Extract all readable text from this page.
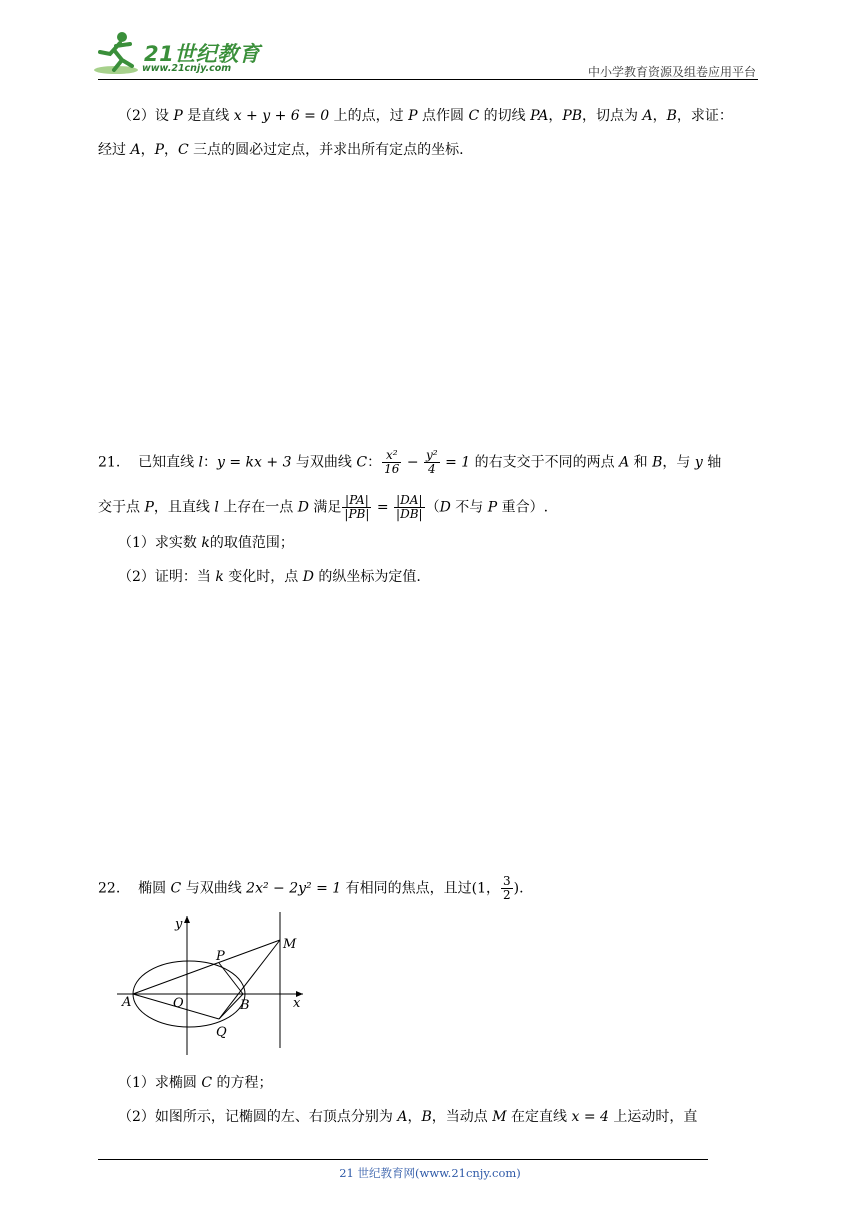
21世纪教育
www.21cnjy.com	中小学教育资源及组卷应用平台
（2）设 P 是直线 x + y + 6 = 0 上的点，过 P 点作圆 C 的切线 PA，PB，切点为 A，B，求证：
经过 A，P，C 三点的圆必过定点，并求出所有定点的坐标.
21. 已知直线 l：y = kx + 3 与双曲线 C： $\frac{\text{x²}}{16} - \frac{\text{y²}}{4} = 1$ 的右支交于不同的两点 A 和 B，与 y 轴
交于点 P，且直线 l 上存在一点 D 满足 $\frac{|PA|}{|PB|} = \frac{|DA|}{|DB|} (D$ 不与 P 重合）.
（1）求实数 k的取值范围；
（2）证明：当 k 变化时，点 D 的纵坐标为定值.
22. 椭圆 C 与双曲线 2x² − 2y² = 1 有相同的焦点，且过(1， $\frac{3}{2}$ ).
y
x
A	O	B
P
Q
M
（1）求椭圆 C 的方程；
（2）如图所示，记椭圆的左、右顶点分别为 A，B，当动点 M 在定直线 x = 4 上运动时，直
21 世纪教育网(www.21cnjy.com)
